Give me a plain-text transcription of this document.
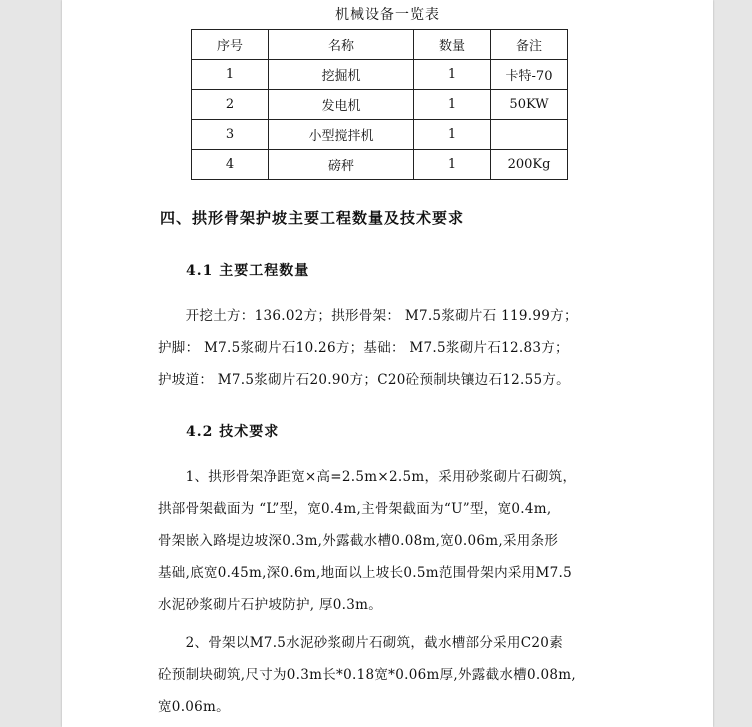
机械设备一览表
序号	名称	数量	备注
1	挖掘机	1	卡特-70
2	发电机	1	50KW
3	小型搅拌机	1	
4	磅秤	1	200Kg
四、拱形骨架护坡主要工程数量及技术要求
4.1 主要工程数量
　　开挖土方：136.02方；拱形骨架： M7.5浆砌片石 119.99方；
护脚： M7.5浆砌片石10.26方；基础： M7.5浆砌片石12.83方；
护坡道： M7.5浆砌片石20.90方；C20砼预制块镶边石12.55方。
4.2 技术要求
　　1、拱形骨架净距宽×高=2.5m×2.5m，采用砂浆砌片石砌筑，
拱部骨架截面为 “L”型，宽0.4m,主骨架截面为“U”型，宽0.4m,
骨架嵌入路堤边坡深0.3m,外露截水槽0.08m,宽0.06m,采用条形
基础,底宽0.45m,深0.6m,地面以上坡长0.5m范围骨架内采用M7.5
水泥砂浆砌片石护坡防护, 厚0.3m。
　　2、骨架以M7.5水泥砂浆砌片石砌筑，截水槽部分采用C20素
砼预制块砌筑,尺寸为0.3m长*0.18宽*0.06m厚,外露截水槽0.08m,
宽0.06m。
